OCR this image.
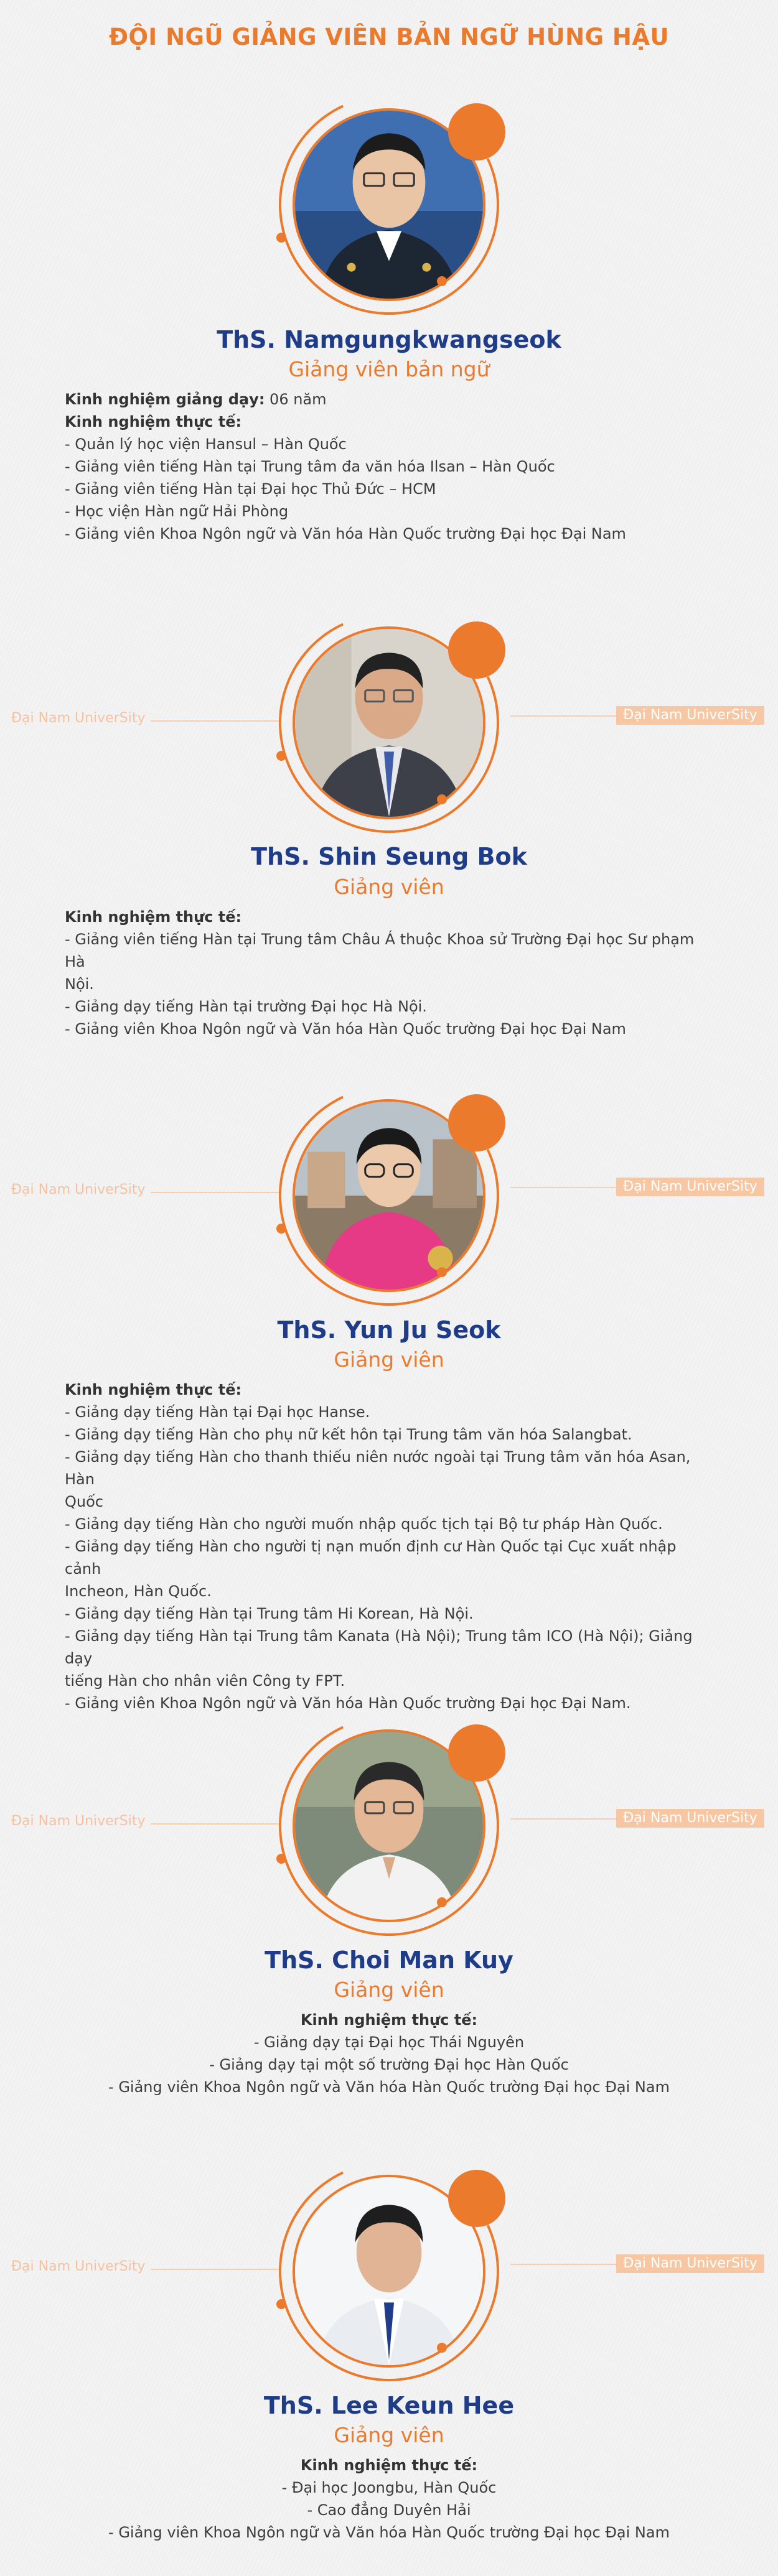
ĐỘI NGŨ GIẢNG VIÊN BẢN NGỮ HÙNG HẬU
ThS. Namgungkwangseok
Giảng viên bản ngữ
Kinh nghiệm giảng dạy: 06 năm
Kinh nghiệm thực tế:
- Quản lý học viện Hansul – Hàn Quốc
- Giảng viên tiếng Hàn tại Trung tâm đa văn hóa Ilsan – Hàn Quốc
- Giảng viên tiếng Hàn tại Đại học Thủ Đức – HCM
- Học viện Hàn ngữ Hải Phòng
- Giảng viên Khoa Ngôn ngữ và Văn hóa Hàn Quốc trường Đại học Đại Nam
Đại Nam UniverSity	Đại Nam UniverSity
ThS. Shin Seung Bok
Giảng viên
Kinh nghiệm thực tế:
- Giảng viên tiếng Hàn tại Trung tâm Châu Á thuộc Khoa sử Trường Đại học Sư phạm Hà
Nội.
- Giảng dạy tiếng Hàn tại trường Đại học Hà Nội.
- Giảng viên Khoa Ngôn ngữ và Văn hóa Hàn Quốc trường Đại học Đại Nam
Đại Nam UniverSity	Đại Nam UniverSity
ThS. Yun Ju Seok
Giảng viên
Kinh nghiệm thực tế:
- Giảng dạy tiếng Hàn tại Đại học Hanse.
- Giảng dạy tiếng Hàn cho phụ nữ kết hôn tại Trung tâm văn hóa Salangbat.
- Giảng dạy tiếng Hàn cho thanh thiếu niên nước ngoài tại Trung tâm văn hóa Asan, Hàn
Quốc
- Giảng dạy tiếng Hàn cho người muốn nhập quốc tịch tại Bộ tư pháp Hàn Quốc.
- Giảng dạy tiếng Hàn cho người tị nạn muốn định cư Hàn Quốc tại Cục xuất nhập cảnh
Incheon, Hàn Quốc.
- Giảng dạy tiếng Hàn tại Trung tâm Hi Korean, Hà Nội.
- Giảng dạy tiếng Hàn tại Trung tâm Kanata (Hà Nội); Trung tâm ICO (Hà Nội); Giảng dạy
tiếng Hàn cho nhân viên Công ty FPT.
- Giảng viên Khoa Ngôn ngữ và Văn hóa Hàn Quốc trường Đại học Đại Nam.
Đại Nam UniverSity	Đại Nam UniverSity
ThS. Choi Man Kuy
Giảng viên
Kinh nghiệm thực tế:
- Giảng dạy tại Đại học Thái Nguyên
- Giảng dạy tại một số trường Đại học Hàn Quốc
- Giảng viên Khoa Ngôn ngữ và Văn hóa Hàn Quốc trường Đại học Đại Nam
Đại Nam UniverSity	Đại Nam UniverSity
ThS. Lee Keun Hee
Giảng viên
Kinh nghiệm thực tế:
- Đại học Joongbu, Hàn Quốc
- Cao đẳng Duyên Hải
- Giảng viên Khoa Ngôn ngữ và Văn hóa Hàn Quốc trường Đại học Đại Nam
